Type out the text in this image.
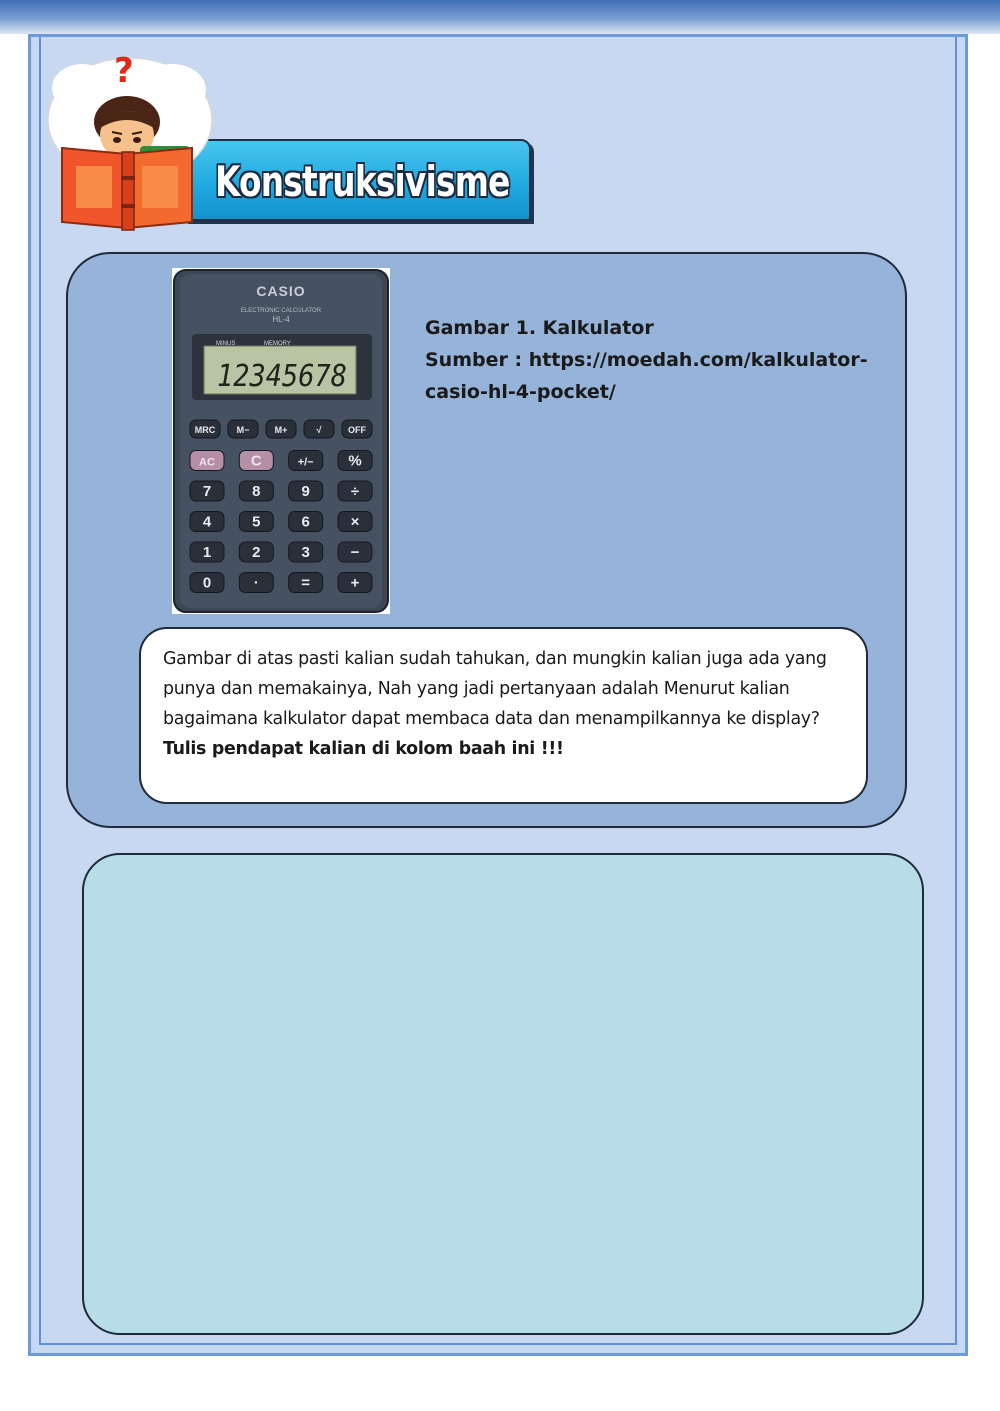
?
Konstruksivisme
CASIO
ELECTRONIC CALCULATOR
HL-4
MINUS	MEMORY
12345678
MRC M−	M+	√	OFF
AC C	+/− %
7	8	9	÷
4	5	6	×
1	2	3	−
0	·	=	+
Gambar 1. Kalkulator
Sumber : https://moedah.com/kalkulator-
casio-hl-4-pocket/

Gambar di atas pasti kalian sudah tahukan, dan mungkin kalian juga ada yang

punya dan memakainya, Nah yang jadi pertanyaan adalah Menurut kalian

bagaimana kalkulator dapat membaca data dan menampilkannya ke display?

Tulis pendapat kalian di kolom baah ini !!!
